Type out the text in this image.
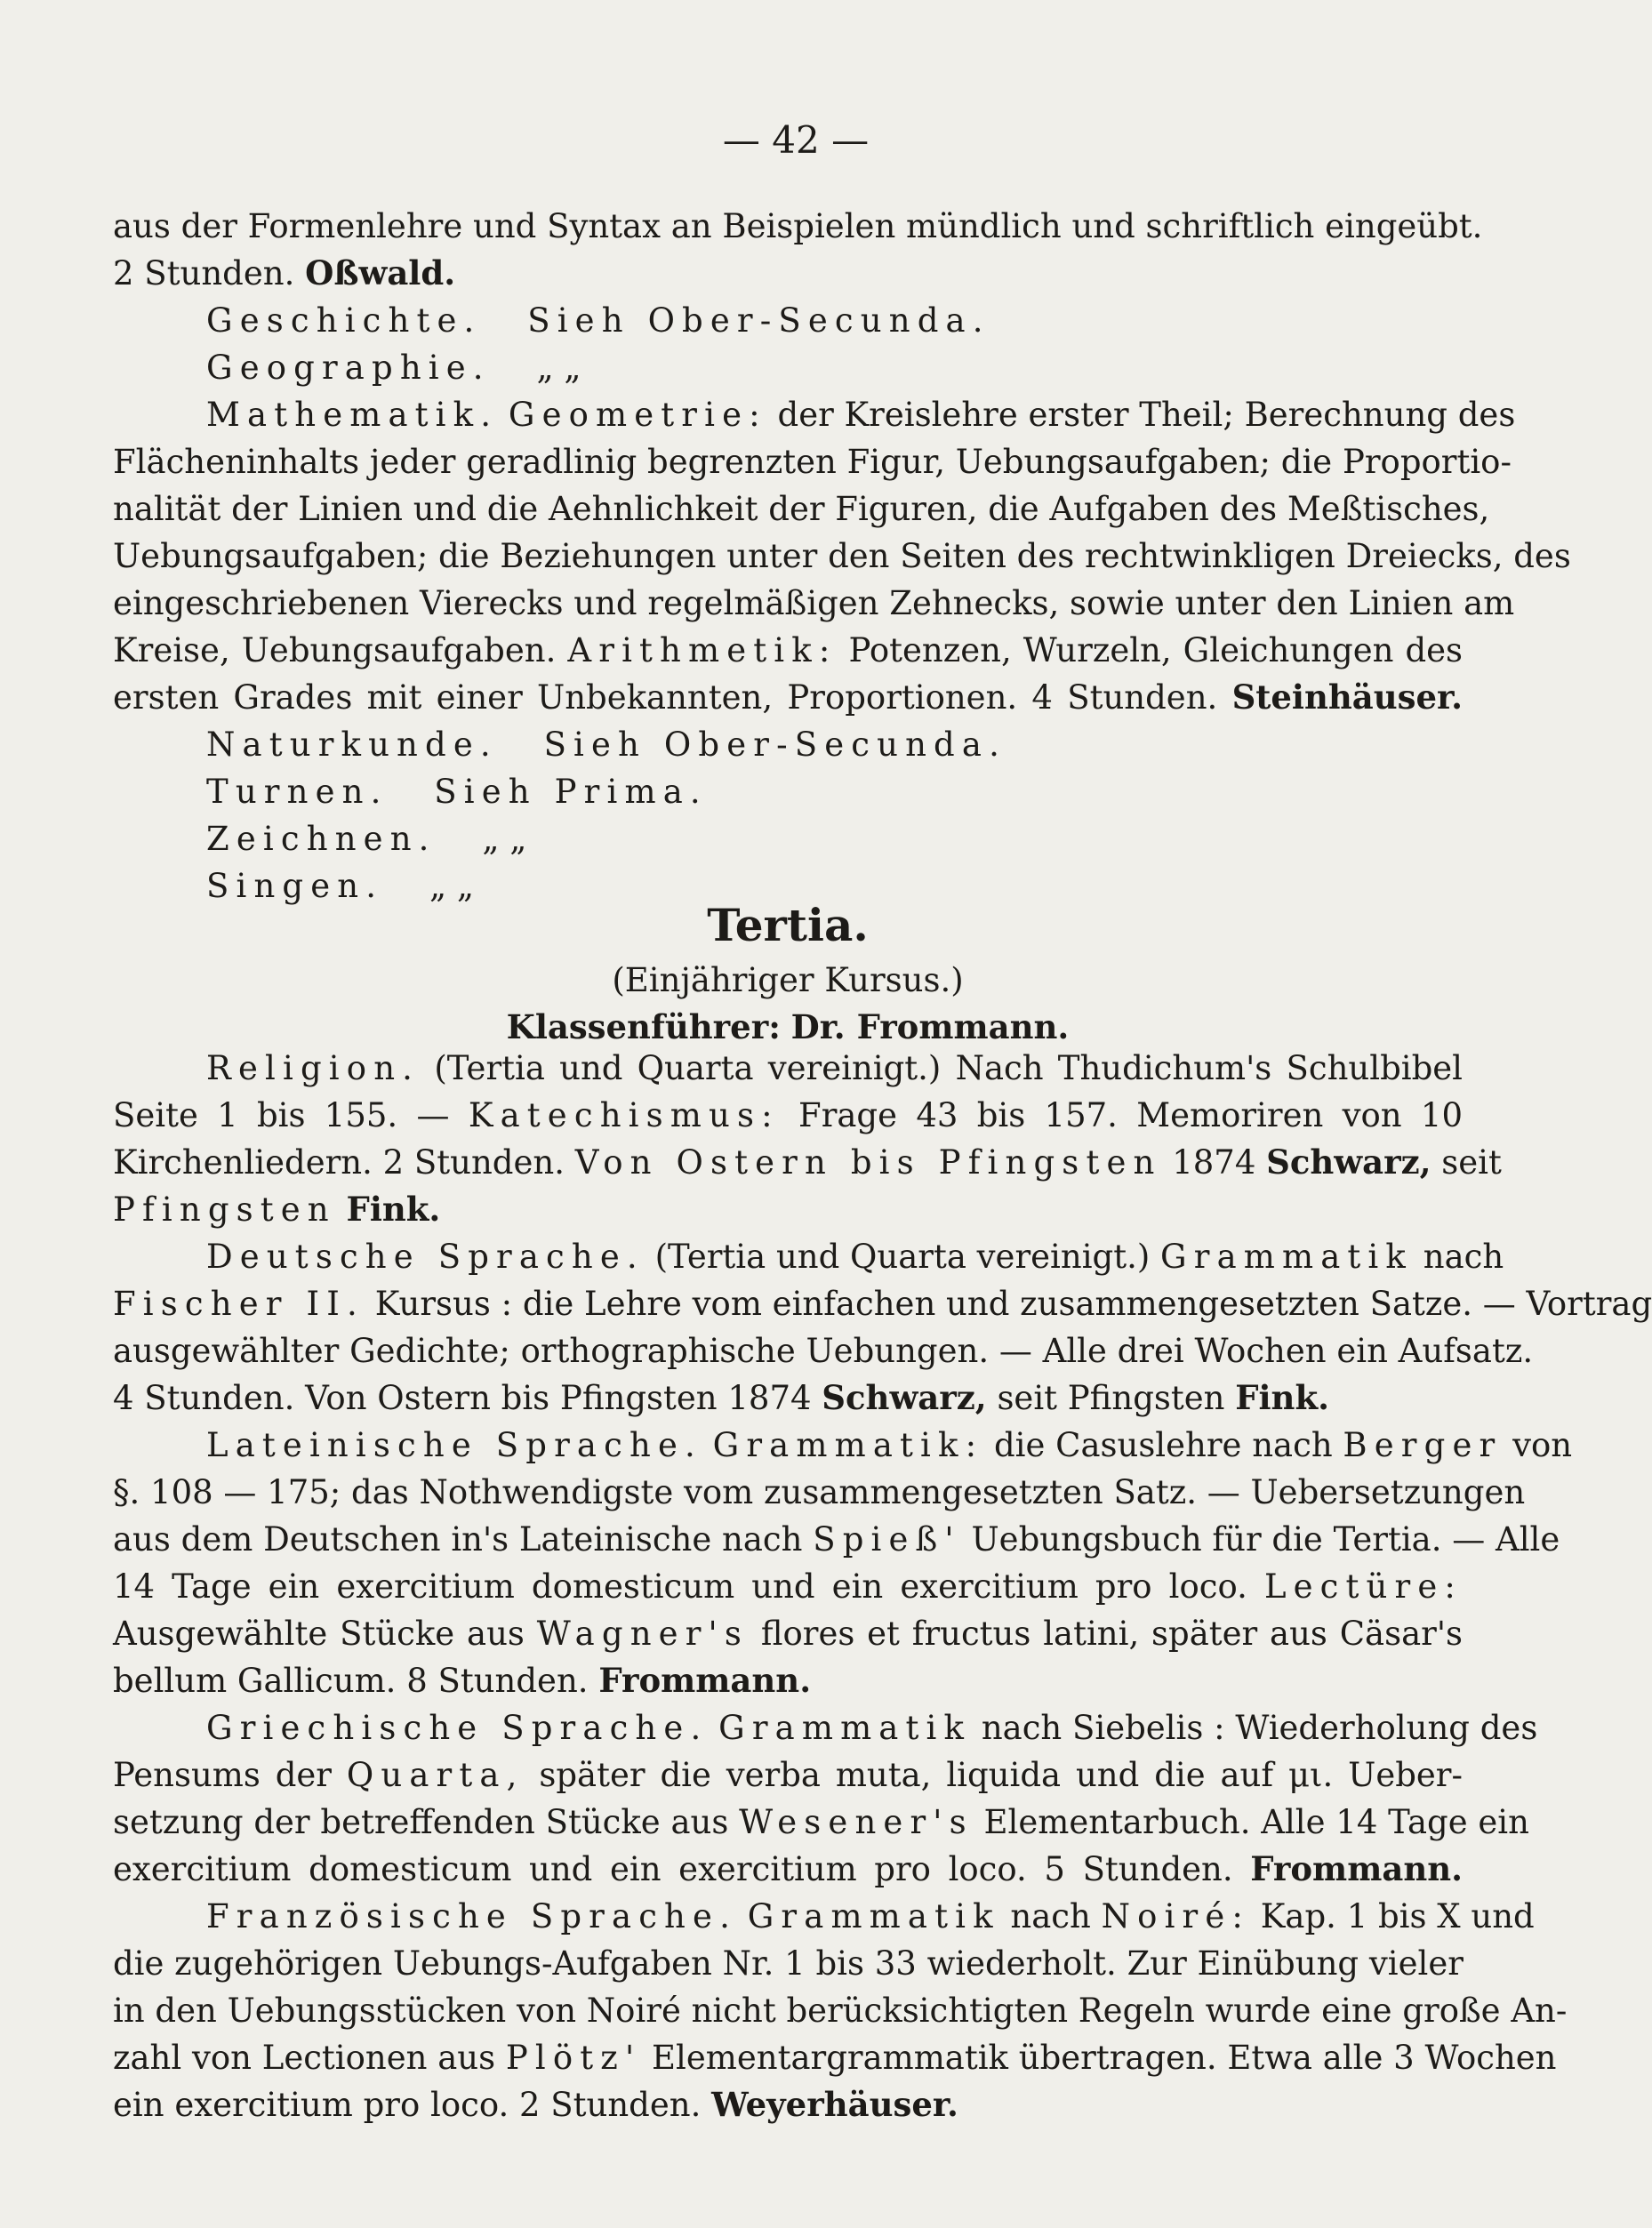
— 42 —
aus der Formenlehre und Syntax an Beispielen mündlich und schriftlich eingeübt.
2 Stunden. Oßwald.
Geschichte. Sieh Ober-Secunda.
Geographie. „ „
Mathematik. Geometrie: der Kreislehre erster Theil; Berechnung des
Flächeninhalts jeder geradlinig begrenzten Figur, Uebungsaufgaben; die Proportio-
nalität der Linien und die Aehnlichkeit der Figuren, die Aufgaben des Meßtisches,
Uebungsaufgaben; die Beziehungen unter den Seiten des rechtwinkligen Dreiecks, des
eingeschriebenen Vierecks und regelmäßigen Zehnecks, sowie unter den Linien am
Kreise, Uebungsaufgaben. Arithmetik: Potenzen, Wurzeln, Gleichungen des
ersten Grades mit einer Unbekannten, Proportionen. 4 Stunden. Steinhäuser.
Naturkunde. Sieh Ober-Secunda.
Turnen. Sieh Prima.
Zeichnen. „ „
Singen. „ „
Tertia.
(Einjähriger Kursus.)
Klassenführer: Dr. Frommann.
Religion. (Tertia und Quarta vereinigt.) Nach Thudichum's Schulbibel
Seite 1 bis 155. — Katechismus: Frage 43 bis 157. Memoriren von 10
Kirchenliedern. 2 Stunden. Von Ostern bis Pfingsten 1874 Schwarz, seit
Pfingsten Fink.
Deutsche Sprache. (Tertia und Quarta vereinigt.) Grammatik nach
Fischer II. Kursus : die Lehre vom einfachen und zusammengesetzten Satze. — Vortrag
ausgewählter Gedichte; orthographische Uebungen. — Alle drei Wochen ein Aufsatz.
4 Stunden. Von Ostern bis Pfingsten 1874 Schwarz, seit Pfingsten Fink.
Lateinische Sprache. Grammatik: die Casuslehre nach Berger von
§. 108 — 175; das Nothwendigste vom zusammengesetzten Satz. — Uebersetzungen
aus dem Deutschen in's Lateinische nach Spieß' Uebungsbuch für die Tertia. — Alle
14 Tage ein exercitium domesticum und ein exercitium pro loco. Lectüre:
Ausgewählte Stücke aus Wagner's flores et fructus latini, später aus Cäsar's
bellum Gallicum. 8 Stunden. Frommann.
Griechische Sprache. Grammatik nach Siebelis : Wiederholung des
Pensums der Quarta, später die verba muta, liquida und die auf μι. Ueber-
setzung der betreffenden Stücke aus Wesener's Elementarbuch. Alle 14 Tage ein
exercitium domesticum und ein exercitium pro loco. 5 Stunden. Frommann.
Französische Sprache. Grammatik nach Noiré: Kap. 1 bis X und
die zugehörigen Uebungs-Aufgaben Nr. 1 bis 33 wiederholt. Zur Einübung vieler
in den Uebungsstücken von Noiré nicht berücksichtigten Regeln wurde eine große An-
zahl von Lectionen aus Plötz' Elementargrammatik übertragen. Etwa alle 3 Wochen
ein exercitium pro loco. 2 Stunden. Weyerhäuser.
